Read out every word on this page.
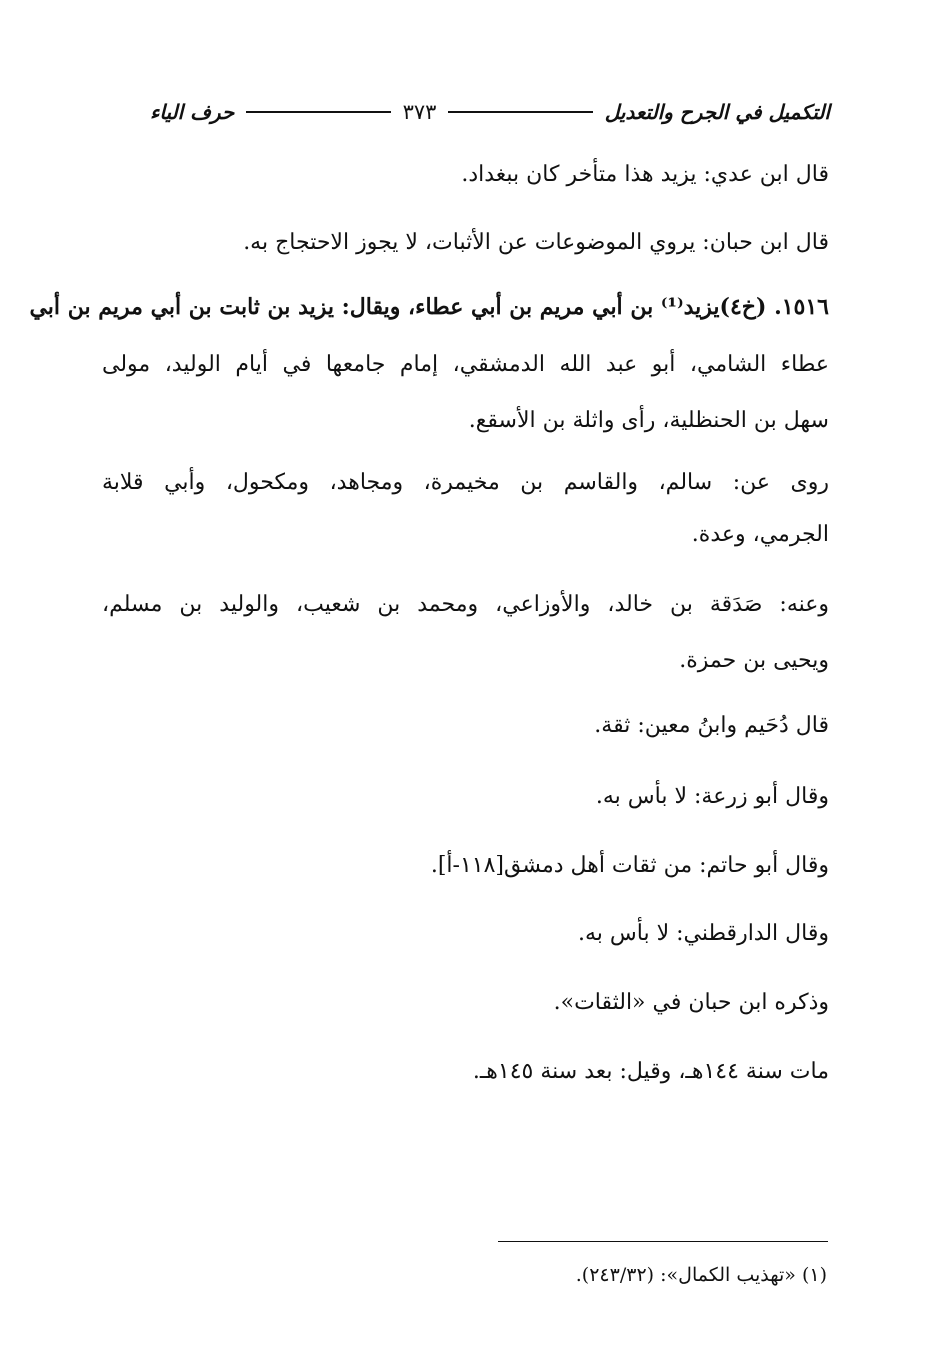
التكميل في الجرح والتعديل
٣٧٣
حرف الياء
قال ابن عدي: يزيد هذا متأخر كان ببغداد.
قال ابن حبان: يروي الموضوعات عن الأثبات، لا يجوز الاحتجاج به.
١٥١٦. (خ٤)يزيد⁽¹⁾ بن أبي مريم بن أبي عطاء، ويقال: يزيد بن ثابت بن أبي مريم بن أبي
عطاء الشامي، أبو عبد الله الدمشقي، إمام جامعها في أيام الوليد، مولى
سهل بن الحنظلية، رأى واثلة بن الأسقع.
روى عن: سالم، والقاسم بن مخيمرة، ومجاهد، ومكحول، وأبي قلابة
الجرمي، وعدة.
وعنه: صَدَقة بن خالد، والأوزاعي، ومحمد بن شعيب، والوليد بن مسلم،
ويحيى بن حمزة.
قال دُحَيم وابنُ معين: ثقة.
وقال أبو زرعة: لا بأس به.
وقال أبو حاتم: من ثقات أهل دمشق[١١٨-أ].
وقال الدارقطني: لا بأس به.
وذكره ابن حبان في «الثقات».
مات سنة ١٤٤هـ، وقيل: بعد سنة ١٤٥هـ.
(١) «تهذيب الكمال»: (٢٤٣/٣٢).
